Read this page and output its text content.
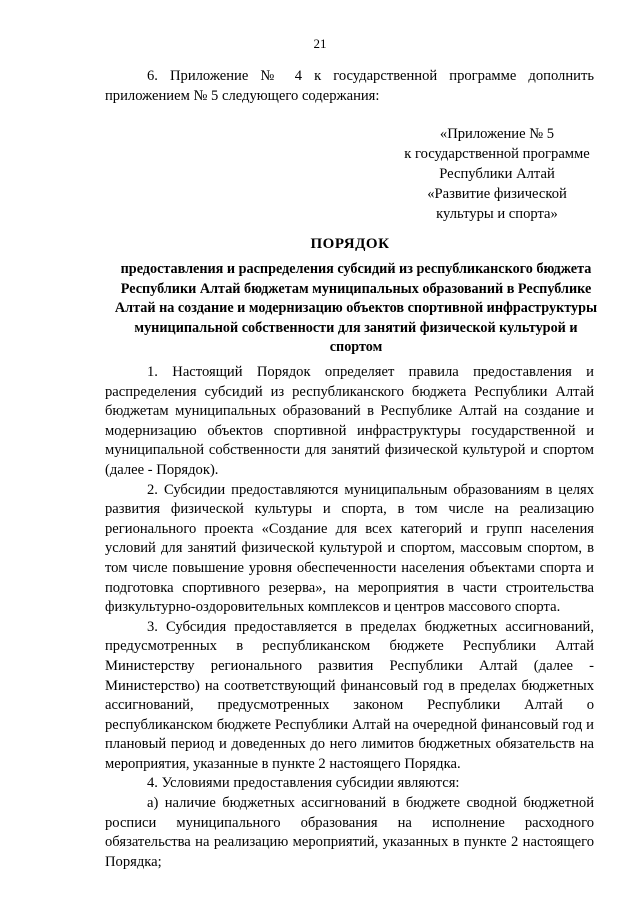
21

6. Приложение № 4 к государственной программе дополнить приложением № 5 следующего содержания:

«Приложение № 5
к государственной программе
Республики Алтай
«Развитие физической
культуры и спорта»
ПОРЯДОК

предоставления и распределения субсидий из республиканского бюджета Республики Алтай бюджетам муниципальных образований в Республике Алтай на создание и модернизацию объектов спортивной инфраструктуры муниципальной собственности для занятий физической культурой и спортом

1. Настоящий Порядок определяет правила предоставления и распределения субсидий из республиканского бюджета Республики Алтай бюджетам муниципальных образований в Республике Алтай на создание и модернизацию объектов спортивной инфраструктуры государственной и муниципальной собственности для занятий физической культурой и спортом (далее - Порядок).

2. Субсидии предоставляются муниципальным образованиям в целях развития физической культуры и спорта, в том числе на реализацию регионального проекта «Создание для всех категорий и групп населения условий для занятий физической культурой и спортом, массовым спортом, в том числе повышение уровня обеспеченности населения объектами спорта и подготовка спортивного резерва», на мероприятия в части строительства физкультурно-оздоровительных комплексов и центров массового спорта.

3. Субсидия предоставляется в пределах бюджетных ассигнований, предусмотренных в республиканском бюджете Республики Алтай Министерству регионального развития Республики Алтай (далее - Министерство) на соответствующий финансовый год в пределах бюджетных ассигнований, предусмотренных законом Республики Алтай о республиканском бюджете Республики Алтай на очередной финансовый год и плановый период и доведенных до него лимитов бюджетных обязательств на мероприятия, указанные в пункте 2 настоящего Порядка.

4. Условиями предоставления субсидии являются:

а) наличие бюджетных ассигнований в бюджете сводной бюджетной росписи муниципального образования на исполнение расходного обязательства на реализацию мероприятий, указанных в пункте 2 настоящего Порядка;
